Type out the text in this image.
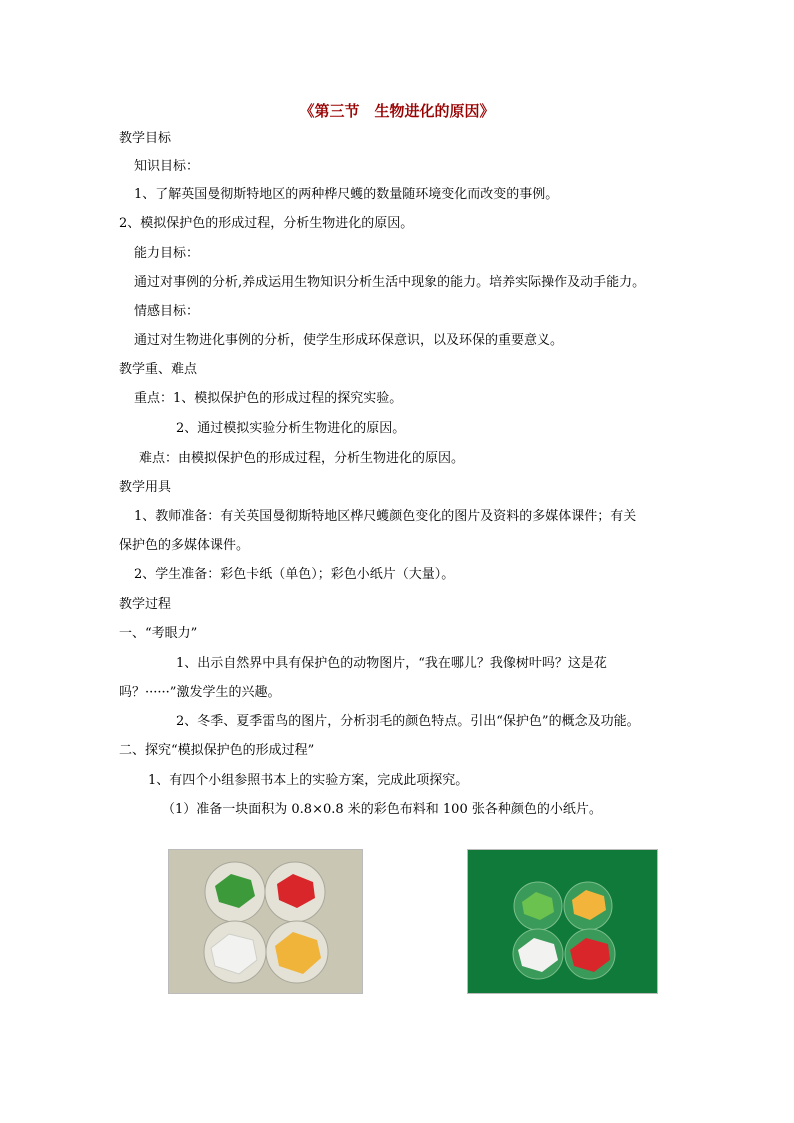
《第三节　生物进化的原因》
教学目标
知识目标：
1、了解英国曼彻斯特地区的两种桦尺蠖的数量随环境变化而改变的事例。
2、模拟保护色的形成过程，分析生物进化的原因。
能力目标：
通过对事例的分析,养成运用生物知识分析生活中现象的能力。培养实际操作及动手能力。
情感目标：
通过对生物进化事例的分析，使学生形成环保意识，以及环保的重要意义。
教学重、难点
重点：1、模拟保护色的形成过程的探究实验。
2、通过模拟实验分析生物进化的原因。
难点：由模拟保护色的形成过程，分析生物进化的原因。
教学用具
1、教师准备：有关英国曼彻斯特地区桦尺蠖颜色变化的图片及资料的多媒体课件；有关
保护色的多媒体课件。
2、学生准备：彩色卡纸（单色）；彩色小纸片（大量）。
教学过程
一、“考眼力”
1、出示自然界中具有保护色的动物图片，“我在哪儿？我像树叶吗？这是花
吗？······”激发学生的兴趣。
2、冬季、夏季雷鸟的图片，分析羽毛的颜色特点。引出“保护色”的概念及功能。
二、探究“模拟保护色的形成过程”
1、有四个小组参照书本上的实验方案，完成此项探究。
（1）准备一块面积为 0.8×0.8 米的彩色布料和 100 张各种颜色的小纸片。
